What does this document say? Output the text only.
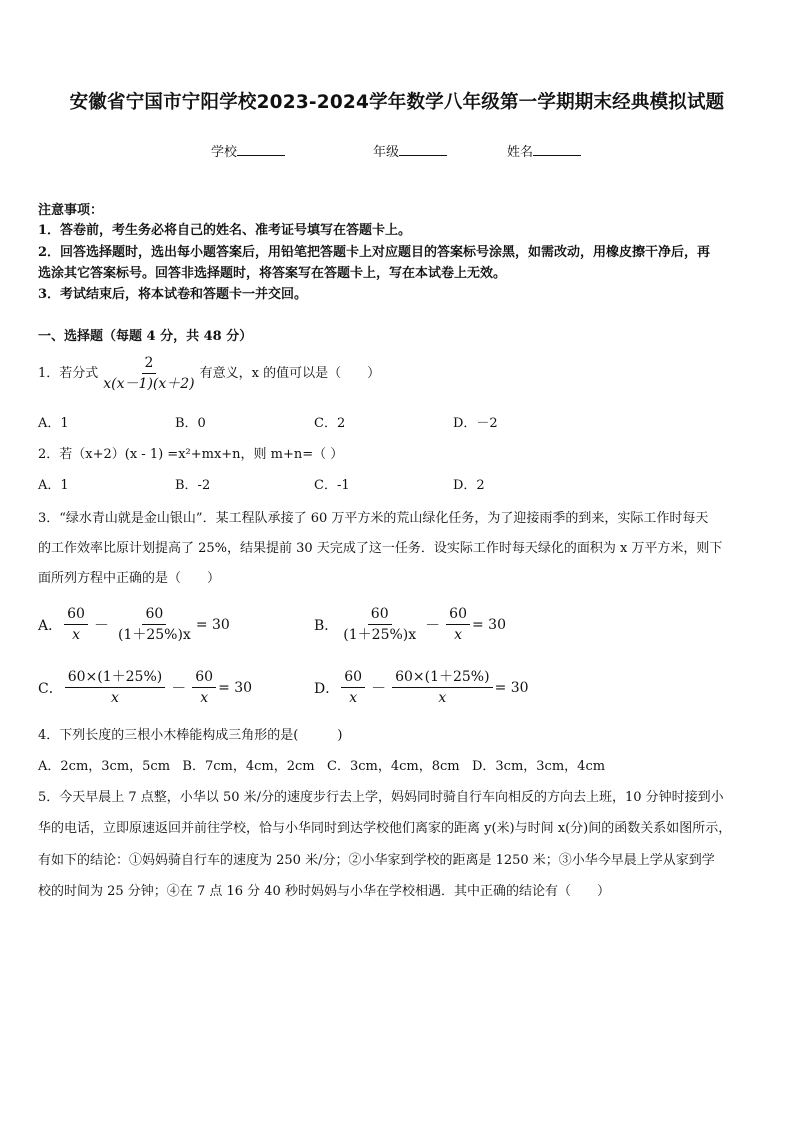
安徽省宁国市宁阳学校2023-2024学年数学八年级第一学期期末经典模拟试题
学校	年级	姓名
注意事项：
1．答卷前，考生务必将自己的姓名、准考证号填写在答题卡上。
2．回答选择题时，选出每小题答案后，用铅笔把答题卡上对应题目的答案标号涂黑，如需改动，用橡皮擦干净后，再
选涂其它答案标号。回答非选择题时，将答案写在答题卡上，写在本试卷上无效。
3．考试结束后，将本试卷和答题卡一并交回。
一、选择题（每题 4 分，共 48 分）
1．若分式 $\frac{2}{x(x-1)(x+2)}$ 有意义，x 的值可以是（　　）
A．1	B．0	C．2	D．－2
2．若（x+2）(x - 1) =x²+mx+n，则 m+n=（ ）
A．1	B．-2	C．-1	D．2
3．“绿水青山就是金山银山”．某工程队承接了 60 万平方米的荒山绿化任务，为了迎接雨季的到来，实际工作时每天
的工作效率比原计划提高了 25%，结果提前 30 天完成了这一任务．设实际工作时每天绿化的面积为 x 万平方米，则下
面所列方程中正确的是（　　）
A． $\frac{60}{x} - \frac{60}{(1+25\%)x} = 30$	B． $\frac{60}{(1+25\%)x} - \frac{60}{x} = 30$
C． $\frac{60\times(1+25\%)}{x} - \frac{60}{x} = 30$	D． $\frac{60}{x} - \frac{60\times(1+25\%)}{x} = 30$
4．下列长度的三根小木棒能构成三角形的是(　　　)
A．2cm，3cm，5cm   B．7cm，4cm，2cm   C．3cm，4cm，8cm   D．3cm，3cm，4cm
5．今天早晨上 7 点整，小华以 50 米/分的速度步行去上学，妈妈同时骑自行车向相反的方向去上班，10 分钟时接到小
华的电话，立即原速返回并前往学校，恰与小华同时到达学校他们离家的距离 y(米)与时间 x(分)间的函数关系如图所示，
有如下的结论：①妈妈骑自行车的速度为 250 米/分；②小华家到学校的距离是 1250 米；③小华今早晨上学从家到学
校的时间为 25 分钟；④在 7 点 16 分 40 秒时妈妈与小华在学校相遇．其中正确的结论有（　　）
